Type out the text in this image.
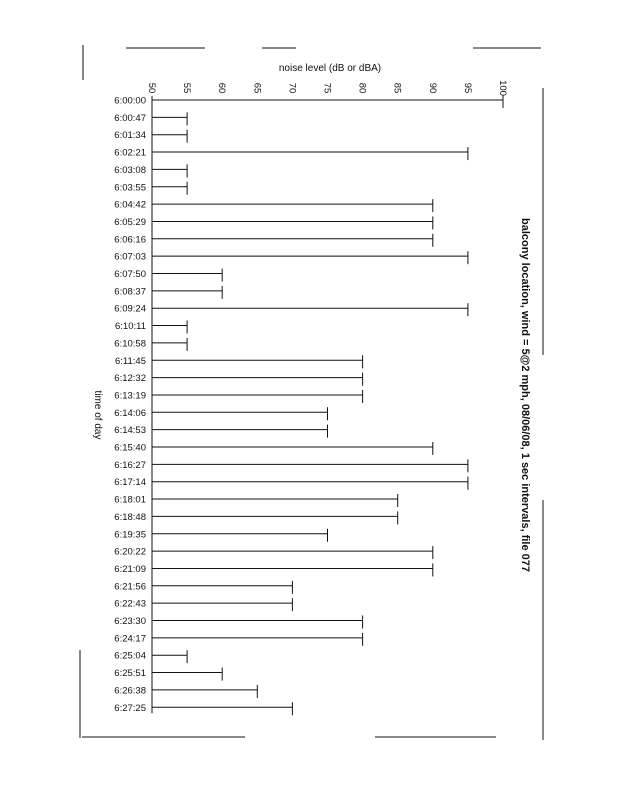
balcony location, wind = 5@2 mph, 08/06/08, 1 sec intervals, file 077
noise level (dB or dBA)
time of day
50	55	60	65	70	75	80	85	90	95	100
6:00:00
6:00:47
6:01:34
6:02:21
6:03:08
6:03:55
6:04:42
6:05:29
6:06:16
6:07:03
6:07:50
6:08:37
6:09:24
6:10:11
6:10:58
6:11:45
6:12:32
6:13:19
6:14:06
6:14:53
6:15:40
6:16:27
6:17:14
6:18:01
6:18:48
6:19:35
6:20:22
6:21:09
6:21:56
6:22:43
6:23:30
6:24:17
6:25:04
6:25:51
6:26:38
6:27:25
